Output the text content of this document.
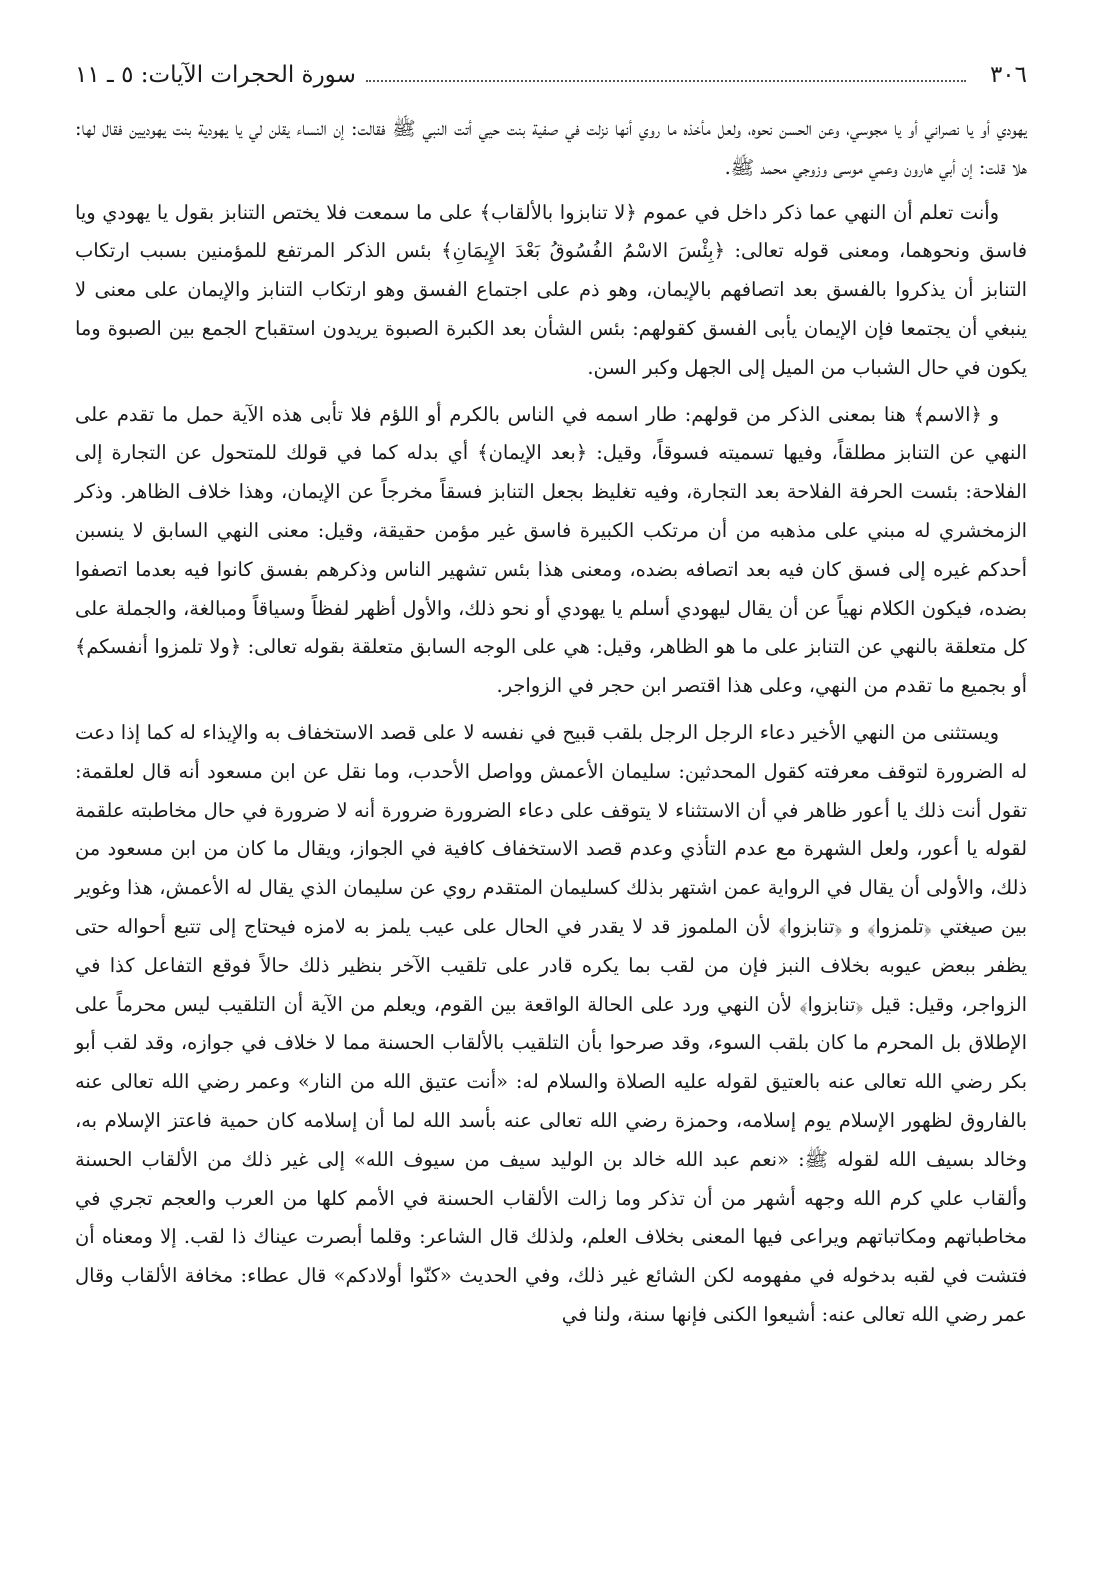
٣٠٦
سورة الحجرات الآيات: ٥ ـ ١١

يهودي أو يا نصراني أو يا مجوسي، وعن الحسن نحوه، ولعل مأخذه ما روي أنها نزلت في صفية بنت حيي أتت النبي ﷺ فقالت: إن النساء يقلن لي يا يهودية بنت يهوديين فقال لها: هلا قلت: إن أبي هارون وعمي موسى وزوجي محمد ﷺ.

وأنت تعلم أن النهي عما ذكر داخل في عموم ﴿لا تنابزوا بالألقاب﴾ على ما سمعت فلا يختص التنابز بقول يا يهودي ويا فاسق ونحوهما، ومعنى قوله تعالى: ﴿بِئْسَ الاسْمُ الفُسُوقُ بَعْدَ الإِيمَانِ﴾ بئس الذكر المرتفع للمؤمنين بسبب ارتكاب التنابز أن يذكروا بالفسق بعد اتصافهم بالإيمان، وهو ذم على اجتماع الفسق وهو ارتكاب التنابز والإيمان على معنى لا ينبغي أن يجتمعا فإن الإيمان يأبى الفسق كقولهم: بئس الشأن بعد الكبرة الصبوة يريدون استقباح الجمع بين الصبوة وما يكون في حال الشباب من الميل إلى الجهل وكبر السن.

و ﴿الاسم﴾ هنا بمعنى الذكر من قولهم: طار اسمه في الناس بالكرم أو اللؤم فلا تأبى هذه الآية حمل ما تقدم على النهي عن التنابز مطلقاً، وفيها تسميته فسوقاً، وقيل: ﴿بعد الإيمان﴾ أي بدله كما في قولك للمتحول عن التجارة إلى الفلاحة: بئست الحرفة الفلاحة بعد التجارة، وفيه تغليظ بجعل التنابز فسقاً مخرجاً عن الإيمان، وهذا خلاف الظاهر. وذكر الزمخشري له مبني على مذهبه من أن مرتكب الكبيرة فاسق غير مؤمن حقيقة، وقيل: معنى النهي السابق لا ينسبن أحدكم غيره إلى فسق كان فيه بعد اتصافه بضده، ومعنى هذا بئس تشهير الناس وذكرهم بفسق كانوا فيه بعدما اتصفوا بضده، فيكون الكلام نهياً عن أن يقال ليهودي أسلم يا يهودي أو نحو ذلك، والأول أظهر لفظاً وسياقاً ومبالغة، والجملة على كل متعلقة بالنهي عن التنابز على ما هو الظاهر، وقيل: هي على الوجه السابق متعلقة بقوله تعالى: ﴿ولا تلمزوا أنفسكم﴾ أو بجميع ما تقدم من النهي، وعلى هذا اقتصر ابن حجر في الزواجر.

ويستثنى من النهي الأخير دعاء الرجل الرجل بلقب قبيح في نفسه لا على قصد الاستخفاف به والإيذاء له كما إذا دعت له الضرورة لتوقف معرفته كقول المحدثين: سليمان الأعمش وواصل الأحدب، وما نقل عن ابن مسعود أنه قال لعلقمة: تقول أنت ذلك يا أعور ظاهر في أن الاستثناء لا يتوقف على دعاء الضرورة ضرورة أنه لا ضرورة في حال مخاطبته علقمة لقوله يا أعور، ولعل الشهرة مع عدم التأذي وعدم قصد الاستخفاف كافية في الجواز، ويقال ما كان من ابن مسعود من ذلك، والأولى أن يقال في الرواية عمن اشتهر بذلك كسليمان المتقدم روي عن سليمان الذي يقال له الأعمش، هذا وغوير بين صيغتي ﴿تلمزوا﴾ و ﴿تنابزوا﴾ لأن الملموز قد لا يقدر في الحال على عيب يلمز به لامزه فيحتاج إلى تتبع أحواله حتى يظفر ببعض عيوبه بخلاف النبز فإن من لقب بما يكره قادر على تلقيب الآخر بنظير ذلك حالاً فوقع التفاعل كذا في الزواجر، وقيل: قيل ﴿تنابزوا﴾ لأن النهي ورد على الحالة الواقعة بين القوم، ويعلم من الآية أن التلقيب ليس محرماً على الإطلاق بل المحرم ما كان بلقب السوء، وقد صرحوا بأن التلقيب بالألقاب الحسنة مما لا خلاف في جوازه، وقد لقب أبو بكر رضي الله تعالى عنه بالعتيق لقوله عليه الصلاة والسلام له: «أنت عتيق الله من النار» وعمر رضي الله تعالى عنه بالفاروق لظهور الإسلام يوم إسلامه، وحمزة رضي الله تعالى عنه بأسد الله لما أن إسلامه كان حمية فاعتز الإسلام به، وخالد بسيف الله لقوله ﷺ: «نعم عبد الله خالد بن الوليد سيف من سيوف الله» إلى غير ذلك من الألقاب الحسنة وألقاب علي كرم الله وجهه أشهر من أن تذكر وما زالت الألقاب الحسنة في الأمم كلها من العرب والعجم تجري في مخاطباتهم ومكاتباتهم ويراعى فيها المعنى بخلاف العلم، ولذلك قال الشاعر: وقلما أبصرت عيناك ذا لقب. إلا ومعناه أن فتشت في لقبه بدخوله في مفهومه لكن الشائع غير ذلك، وفي الحديث «كنّوا أولادكم» قال عطاء: مخافة الألقاب وقال عمر رضي الله تعالى عنه: أشيعوا الكنى فإنها سنة، ولنا في
